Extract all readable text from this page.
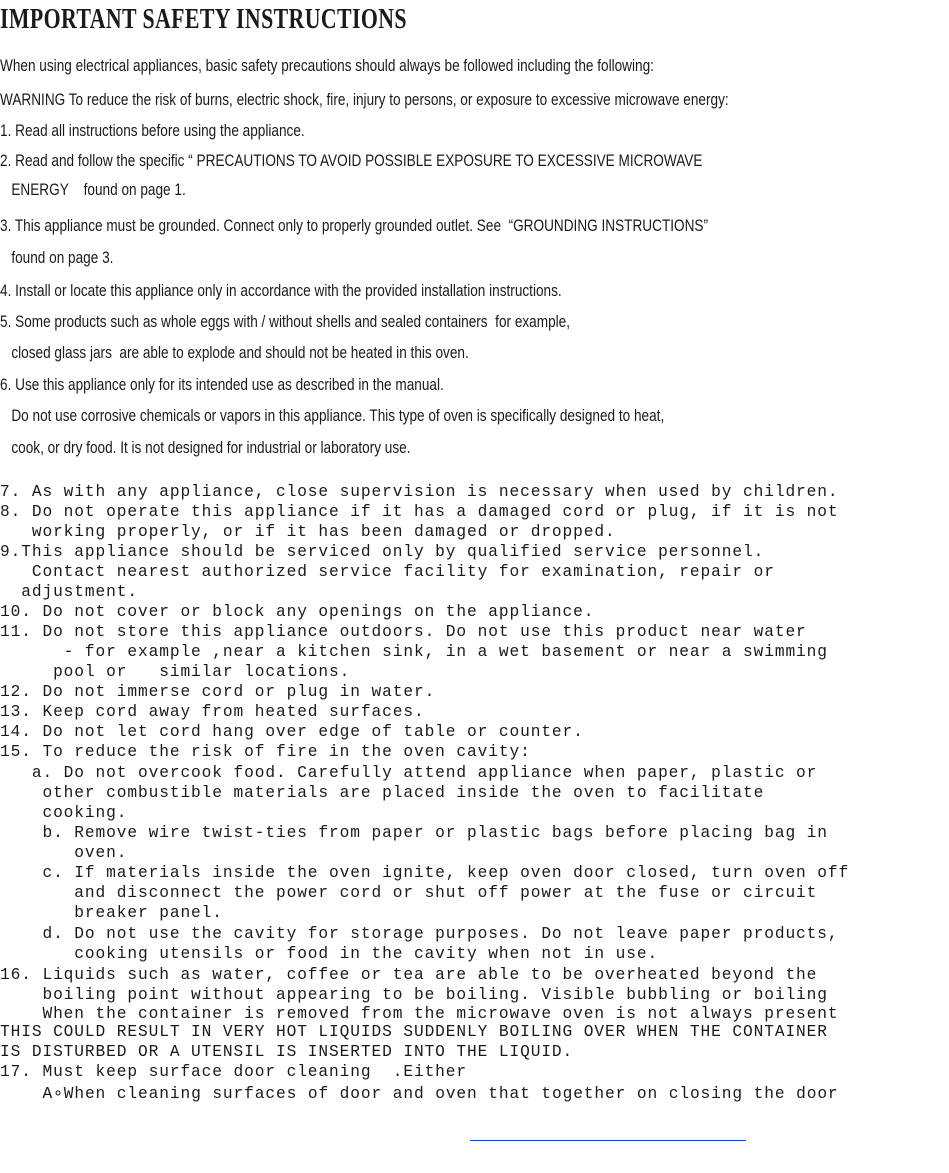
IMPORTANT SAFETY INSTRUCTIONS

When using electrical appliances, basic safety precautions should always be followed including the following:

WARNING To reduce the risk of burns, electric shock, fire, injury to persons, or exposure to excessive microwave energy:

1. Read all instructions before using the appliance.

2. Read and follow the specific “ PRECAUTIONS TO AVOID POSSIBLE EXPOSURE TO EXCESSIVE MICROWAVE

ENERGY    found on page 1.

3. This appliance must be grounded. Connect only to properly grounded outlet. See  “GROUNDING INSTRUCTIONS”

found on page 3.

4. Install or locate this appliance only in accordance with the provided installation instructions.

5. Some products such as whole eggs with / without shells and sealed containers  for example,

closed glass jars  are able to explode and should not be heated in this oven.

6. Use this appliance only for its intended use as described in the manual.

Do not use corrosive chemicals or vapors in this appliance. This type of oven is specifically designed to heat,

cook, or dry food. It is not designed for industrial or laboratory use.

7. As with any appliance, close supervision is necessary when used by children.

8. Do not operate this appliance if it has a damaged cord or plug, if it is not

working properly, or if it has been damaged or dropped.

9.This appliance should be serviced only by qualified service personnel.

Contact nearest authorized service facility for examination, repair or

adjustment.

10. Do not cover or block any openings on the appliance.

11. Do not store this appliance outdoors. Do not use this product near water

- for example ,near a kitchen sink, in a wet basement or near a swimming

pool or   similar locations.

12. Do not immerse cord or plug in water.

13. Keep cord away from heated surfaces.

14. Do not let cord hang over edge of table or counter.

15. To reduce the risk of fire in the oven cavity:

a. Do not overcook food. Carefully attend appliance when paper, plastic or

other combustible materials are placed inside the oven to facilitate

cooking.

b. Remove wire twist-ties from paper or plastic bags before placing bag in

oven.

c. If materials inside the oven ignite, keep oven door closed, turn oven off

and disconnect the power cord or shut off power at the fuse or circuit

breaker panel.

d. Do not use the cavity for storage purposes. Do not leave paper products,

cooking utensils or food in the cavity when not in use.

16. Liquids such as water, coffee or tea are able to be overheated beyond the

boiling point without appearing to be boiling. Visible bubbling or boiling

When the container is removed from the microwave oven is not always present

THIS COULD RESULT IN VERY HOT LIQUIDS SUDDENLY BOILING OVER WHEN THE CONTAINER

IS DISTURBED OR A UTENSIL IS INSERTED INTO THE LIQUID.

17. Must keep surface door cleaning  .Either

A∘When cleaning surfaces of door and oven that together on closing the door
